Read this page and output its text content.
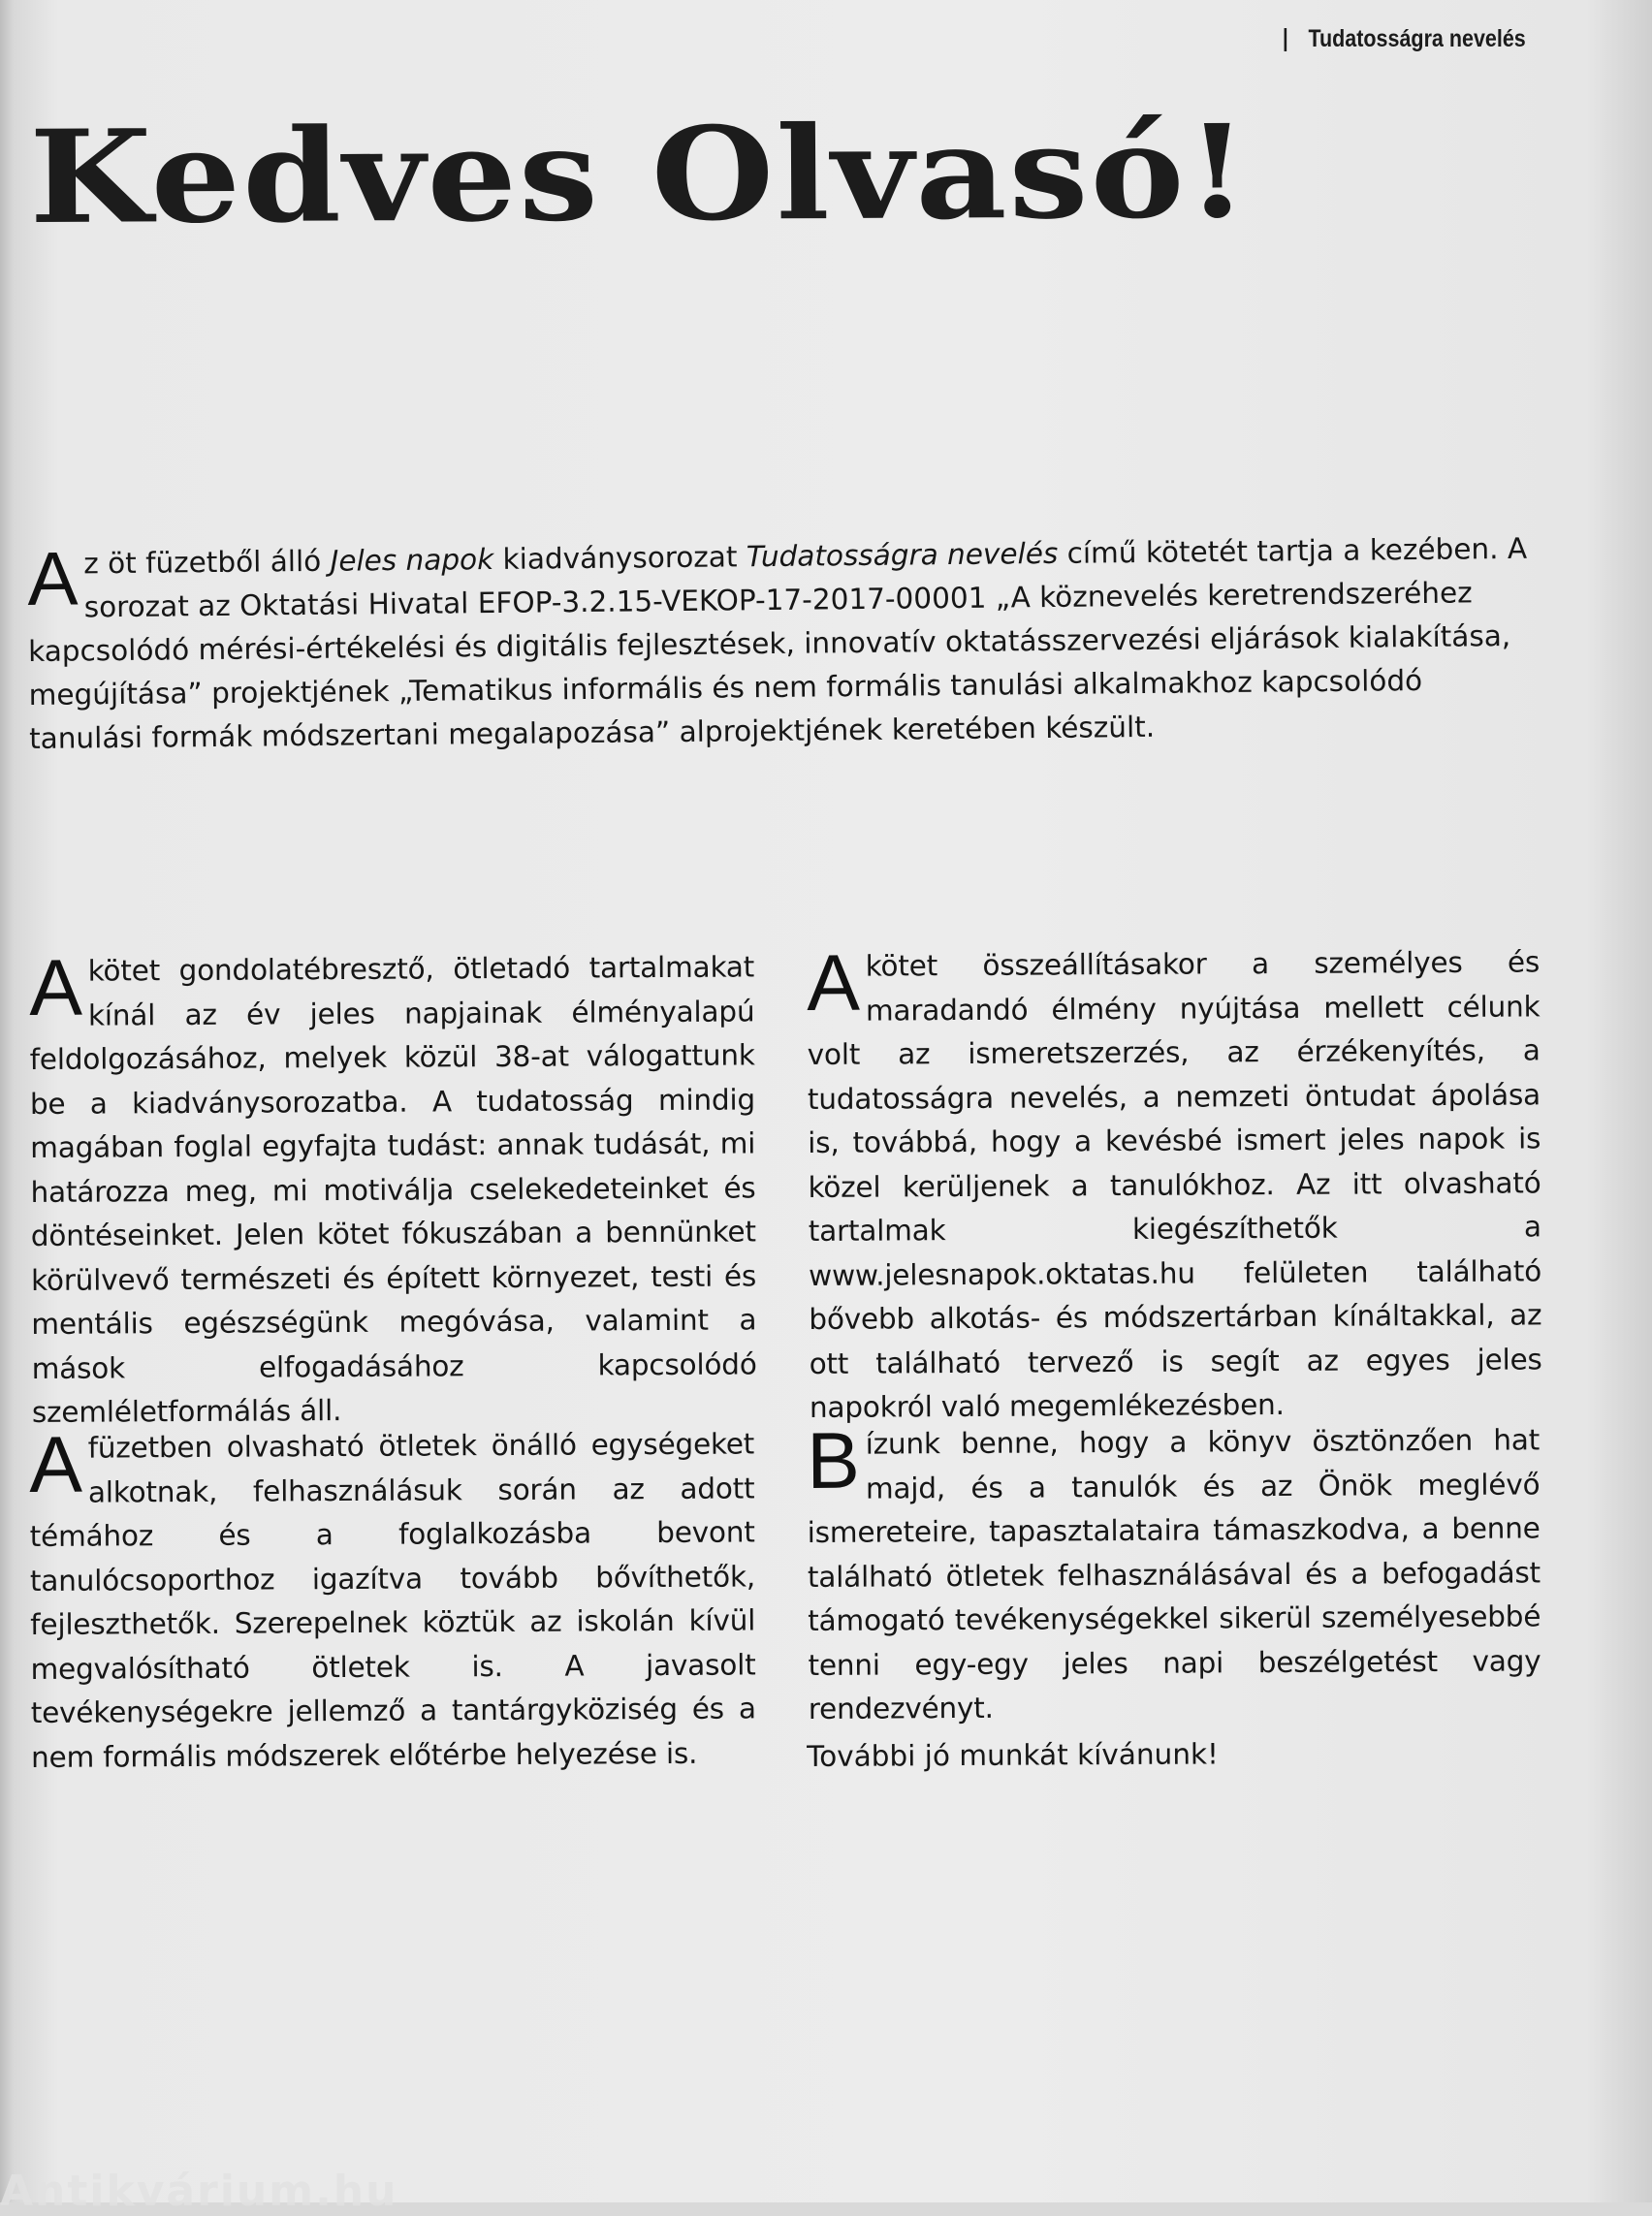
Tudatosságra nevelés
Kedves Olvasó!

Az öt füzetből álló Jeles napok kiadványsorozat Tudatosságra nevelés című kötetét tartja a kezében. A sorozat az Oktatási Hivatal EFOP-3.2.15-VEKOP-17-2017-00001 „A köznevelés keretrendszeréhez kapcsolódó mérési-értékelési és digitális fejlesztések, innovatív oktatásszervezési eljárások kialakítása, megújítása” projektjének „Tematikus informális és nem formális tanulási alkalmakhoz kapcsolódó tanulási formák módszertani megalapozása” alprojektjének keretében készült.

Akötet gondolatébresztő, ötletadó tartalmakat kínál az év jeles napjainak élményalapú feldolgozásához, melyek közül 38-at válogattunk be a kiadványsorozatba. A tudatosság mindig magában foglal egyfajta tudást: annak tudását, mi határozza meg, mi motiválja cselekedeteinket és döntéseinket. Jelen kötet fókuszában a bennünket körülvevő természeti és épített környezet, testi és mentális egészségünk megóvása, valamint a mások elfogadásához kapcsolódó szemléletformálás áll.

Afüzetben olvasható ötletek önálló egységeket alkotnak, felhasználásuk során az adott témához és a foglalkozásba bevont tanulócsoporthoz igazítva tovább bővíthetők, fejleszthetők. Szerepelnek köztük az iskolán kívül megvalósítható ötletek is. A javasolt tevékenységekre jellemző a tantárgyköziség és a nem formális módszerek előtérbe helyezése is.

Akötet összeállításakor a személyes és maradandó élmény nyújtása mellett célunk volt az ismeretszerzés, az érzékenyítés, a tudatosságra nevelés, a nemzeti öntudat ápolása is, továbbá, hogy a kevésbé ismert jeles napok is közel kerüljenek a tanulókhoz. Az itt olvasható tartalmak kiegészíthetők a www.jelesnapok.oktatas.hu felületen található bővebb alkotás- és módszertárban kínáltakkal, az ott található tervező is segít az egyes jeles napokról való megemlékezésben.

Bízunk benne, hogy a könyv ösztönzően hat majd, és a tanulók és az Önök meglévő ismereteire, tapasztalataira támaszkodva, a benne található ötletek felhasználásával és a befogadást támogató tevékenységekkel sikerül személyesebbé tenni egy-egy jeles napi beszélgetést vagy rendezvényt.

További jó munkát kívánunk!

Antikvárium.hu
